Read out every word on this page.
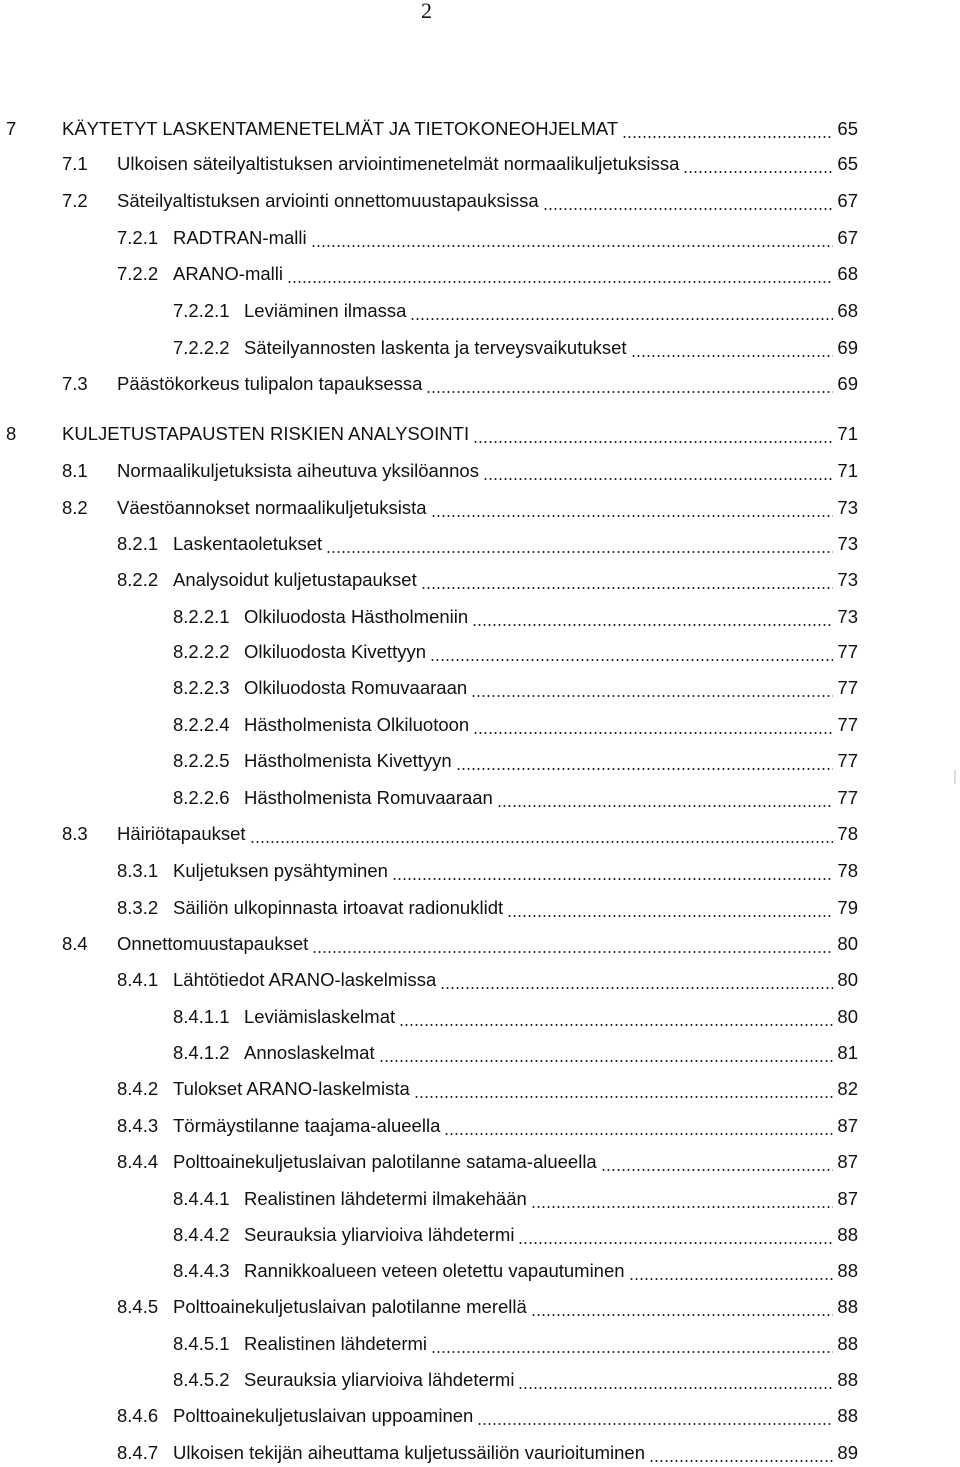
2
7 KÄYTETYT LASKENTAMENETELMÄT JA TIETOKONEOHJELMAT	65
7.1 Ulkoisen säteilyaltistuksen arviointimenetelmät normaalikuljetuksissa	65
7.2 Säteilyaltistuksen arviointi onnettomuustapauksissa	67
7.2.1 RADTRAN-malli	67
7.2.2 ARANO-malli	68
7.2.2.1 Leviäminen ilmassa	68
7.2.2.2 Säteilyannosten laskenta ja terveysvaikutukset	69
7.3 Päästökorkeus tulipalon tapauksessa	69
8 KULJETUSTAPAUSTEN RISKIEN ANALYSOINTI	71
8.1 Normaalikuljetuksista aiheutuva yksilöannos	71
8.2 Väestöannokset normaalikuljetuksista	73
8.2.1 Laskentaoletukset	73
8.2.2 Analysoidut kuljetustapaukset	73
8.2.2.1 Olkiluodosta Hästholmeniin	73
8.2.2.2 Olkiluodosta Kivettyyn	77
8.2.2.3 Olkiluodosta Romuvaaraan	77
8.2.2.4 Hästholmenista Olkiluotoon	77
8.2.2.5 Hästholmenista Kivettyyn	77
8.2.2.6 Hästholmenista Romuvaaraan	77
8.3 Häiriötapaukset	78
8.3.1 Kuljetuksen pysähtyminen	78
8.3.2 Säiliön ulkopinnasta irtoavat radionuklidt	79
8.4 Onnettomuustapaukset	80
8.4.1 Lähtötiedot ARANO-laskelmissa	80
8.4.1.1 Leviämislaskelmat	80
8.4.1.2 Annoslaskelmat	81
8.4.2 Tulokset ARANO-laskelmista	82
8.4.3 Törmäystilanne taajama-alueella	87
8.4.4 Polttoainekuljetuslaivan palotilanne satama-alueella	87
8.4.4.1 Realistinen lähdetermi ilmakehään	87
8.4.4.2 Seurauksia yliarvioiva lähdetermi	88
8.4.4.3 Rannikkoalueen veteen oletettu vapautuminen	88
8.4.5 Polttoainekuljetuslaivan palotilanne merellä	88
8.4.5.1 Realistinen lähdetermi	88
8.4.5.2 Seurauksia yliarvioiva lähdetermi	88
8.4.6 Polttoainekuljetuslaivan uppoaminen	88
8.4.7 Ulkoisen tekijän aiheuttama kuljetussäiliön vaurioituminen	89
